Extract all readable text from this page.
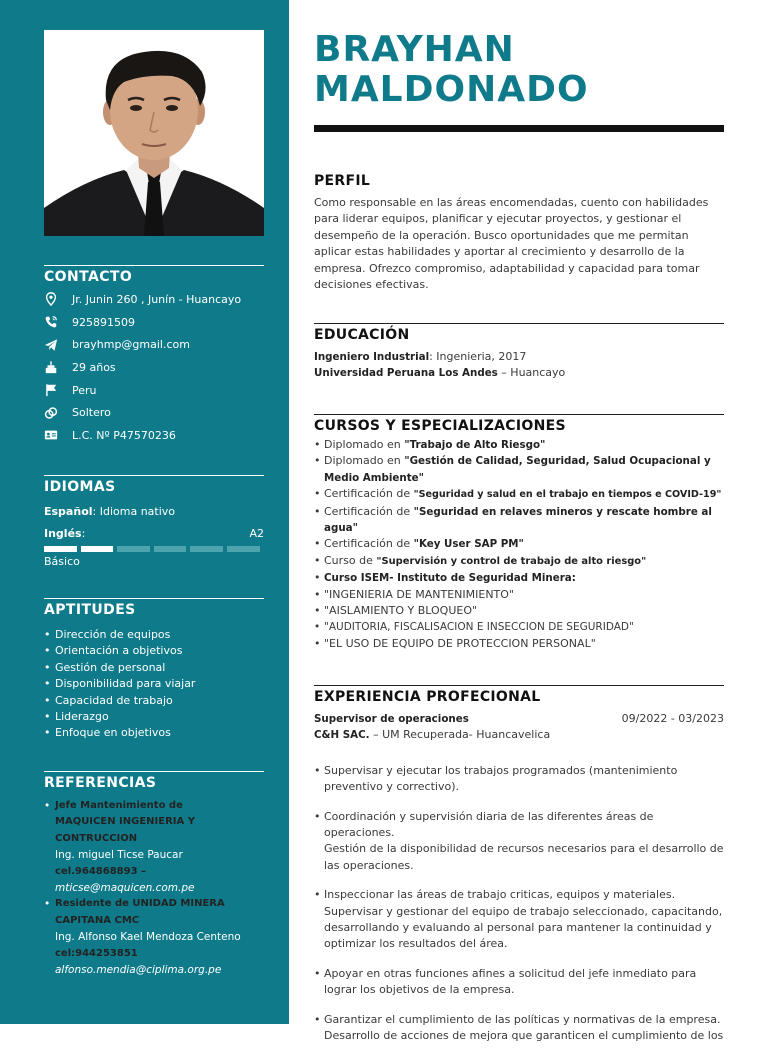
CONTACTO
Jr. Junin 260 , Junín - Huancayo
925891509
brayhmp@gmail.com
29 años
Peru
Soltero
L.C. Nº P47570236
IDIOMAS
Español: Idioma nativo
Inglés:	A2
Básico
APTITUDES
• Dirección de equipos
• Orientación a objetivos
• Gestión de personal
• Disponibilidad para viajar
• Capacidad de trabajo
• Liderazgo
• Enfoque en objetivos
REFERENCIAS
• Jefe Mantenimiento de MAQUICEN INGENIERIA Y CONTRUCCION
Ing. miguel Ticse Paucar
cel.964868893 –
mticse@maquicen.com.pe
• Residente de UNIDAD MINERA CAPITANA CMC
Ing. Alfonso Kael Mendoza Centeno
cel:944253851
alfonso.mendia@ciplima.org.pe
BRAYHAN
MALDONADO
PERFIL
Como responsable en las áreas encomendadas, cuento con habilidades para liderar equipos, planificar y ejecutar proyectos, y gestionar el desempeño de la operación. Busco oportunidades que me permitan aplicar estas habilidades y aportar al crecimiento y desarrollo de la empresa. Ofrezco compromiso, adaptabilidad y capacidad para tomar decisiones efectivas.
EDUCACIÓN
Ingeniero Industrial: Ingenieria, 2017
Universidad Peruana Los Andes – Huancayo
CURSOS Y ESPECIALIZACIONES
• Diplomado en "Trabajo de Alto Riesgo"
• Diplomado en "Gestión de Calidad, Seguridad, Salud Ocupacional y Medio Ambiente"
• Certificación de "Seguridad y salud en el trabajo en tiempos e COVID-19"
• Certificación de "Seguridad en relaves mineros y rescate hombre al agua"
• Certificación de "Key User SAP PM"
• Curso de "Supervisión y control de trabajo de alto riesgo"
• Curso ISEM- Instituto de Seguridad Minera:
• "INGENIERIA DE MANTENIMIENTO"
• "AISLAMIENTO Y BLOQUEO"
• "AUDITORIA, FISCALISACION E INSECCION DE SEGURIDAD"
• "EL USO DE EQUIPO DE PROTECCION PERSONAL"
EXPERIENCIA PROFECIONAL
Supervisor de operaciones	09/2022 - 03/2023
C&H SAC. – UM Recuperada- Huancavelica

• Supervisar y ejecutar los trabajos programados (mantenimiento preventivo y correctivo).

• Coordinación y supervisión diaria de las diferentes áreas de operaciones.
Gestión de la disponibilidad de recursos necesarios para el desarrollo de las operaciones.

• Inspeccionar las áreas de trabajo criticas, equipos y materiales.
Supervisar y gestionar del equipo de trabajo seleccionado, capacitando, desarrollando y evaluando al personal para mantener la continuidad y optimizar los resultados del área.

• Apoyar en otras funciones afines a solicitud del jefe inmediato para lograr los objetivos de la empresa.

• Garantizar el cumplimiento de las políticas y normativas de la empresa.
Desarrollo de acciones de mejora que garanticen el cumplimiento de los
